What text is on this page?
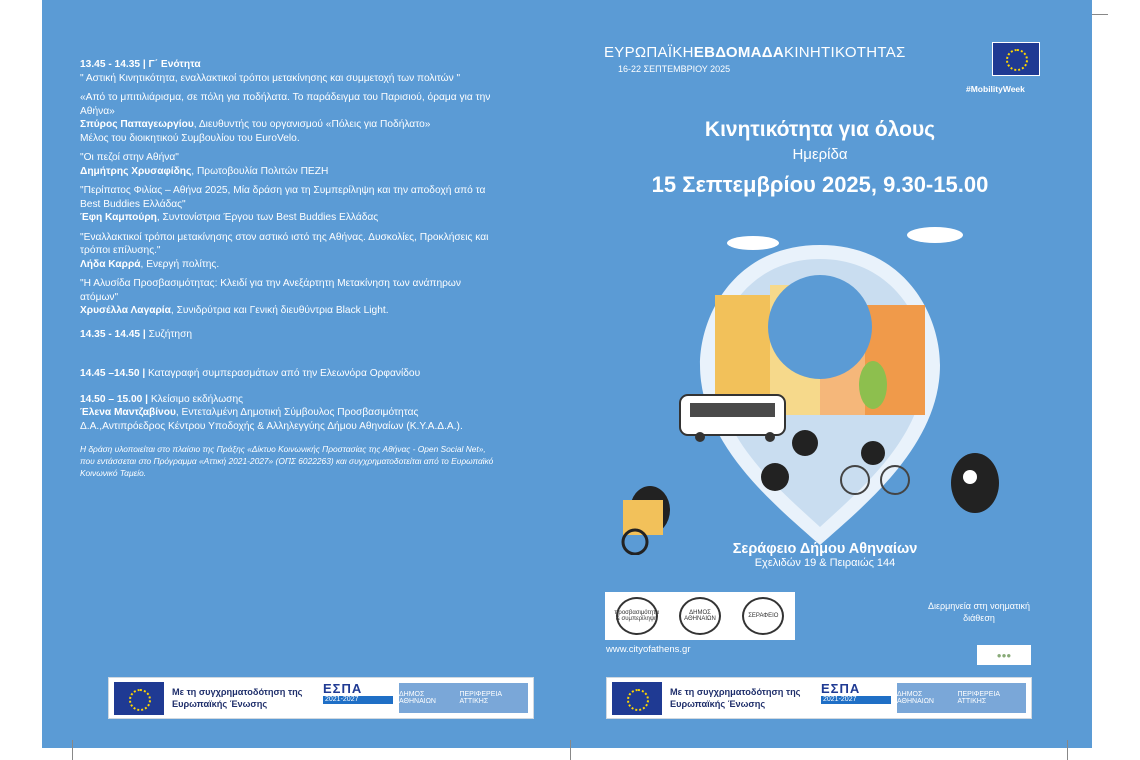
13.45 - 14.35 | Γ΄ Ενότητα
" Αστική Κινητικότητα, εναλλακτικοί τρόποι μετακίνησης και συμμετοχή των πολιτών "

«Από το μπιτιλιάρισμα, σε πόλη για ποδήλατα. Το παράδειγμα του Παρισιού, όραμα για την Αθήνα»
Σπύρος Παπαγεωργίου, Διευθυντής του οργανισμού «Πόλεις για Ποδήλατο»
Μέλος του διοικητικού Συμβουλίου του EuroVelo.

"Οι πεζοί στην Αθήνα"
Δημήτρης Χρυσαφίδης, Πρωτοβουλία Πολιτών ΠΕΖΗ

"Περίπατος Φιλίας – Αθήνα 2025, Μία δράση για τη Συμπερίληψη και την αποδοχή από τα Best Buddies Ελλάδας"
Έφη Καμπούρη, Συντονίστρια Έργου των Best Buddies Ελλάδας

"Εναλλακτικοί τρόποι μετακίνησης στον αστικό ιστό της Αθήνας. Δυσκολίες, Προκλήσεις και τρόποι επίλυσης."
Λήδα Καρρά, Ενεργή πολίτης.

"Η Αλυσίδα Προσβασιμότητας: Κλειδί για την Ανεξάρτητη Μετακίνηση των ανάπηρων ατόμων"
Χρυσέλλα Λαγαρία, Συνιδρύτρια και Γενική διευθύντρια Black Light.

14.35 - 14.45 | Συζήτηση

14.45 –14.50 | Καταγραφή συμπερασμάτων από την Ελεωνόρα Ορφανίδου

14.50 – 15.00 | Κλείσιμο εκδήλωσης
Έλενα Μαντζαβίνου, Εντεταλμένη Δημοτική Σύμβουλος Προσβασιμότητας Δ.Α.,Αντιπρόεδρος Κέντρου Υποδοχής & Αλληλεγγύης Δήμου Αθηναίων (Κ.Υ.Α.Δ.Α.).

Η δράση υλοποιείται στο πλαίσιο της Πράξης «Δίκτυο Κοινωνικής Προστασίας της Αθήνας - Open Social Net», που εντάσσεται στο Πρόγραμμα «Αττική 2021-2027» (ΟΠΣ 6022263) και συγχρηματοδοτείται από το Ευρωπαϊκό Κοινωνικό Ταμείο.
Με τη συγχρηματοδότηση της Ευρωπαϊκής Ένωσης
ΕΣΠΑ
2021-2027
ΔΗΜΟΣ ΑΘΗΝΑΙΩΝ
ΠΕΡΙΦΕΡΕΙΑ ΑΤΤΙΚΗΣ
ΕΥΡΩΠΑΪΚΗΕΒΔΟΜΑΔΑΚΙΝΗΤΙΚΟΤΗΤΑΣ
16-22 ΣΕΠΤΕΜΒΡΙΟΥ 2025
#MobilityWeek
Κινητικότητα για όλους
Ημερίδα
15 Σεπτεμβρίου 2025, 9.30-15.00
Σεράφειο Δήμου Αθηναίων
Εχελιδών 19 & Πειραιώς 144
προσβασιμότητα & συμπερίληψη
ΔΗΜΟΣ ΑΘΗΝΑΙΩΝ	ΣΕΡΑΦΕΙΟ
www.cityofathens.gr
Διερμηνεία στη νοηματική διάθεση
●●●
Με τη συγχρηματοδότηση της Ευρωπαϊκής Ένωσης
ΕΣΠΑ
2021-2027
ΔΗΜΟΣ ΑΘΗΝΑΙΩΝ
ΠΕΡΙΦΕΡΕΙΑ ΑΤΤΙΚΗΣ
